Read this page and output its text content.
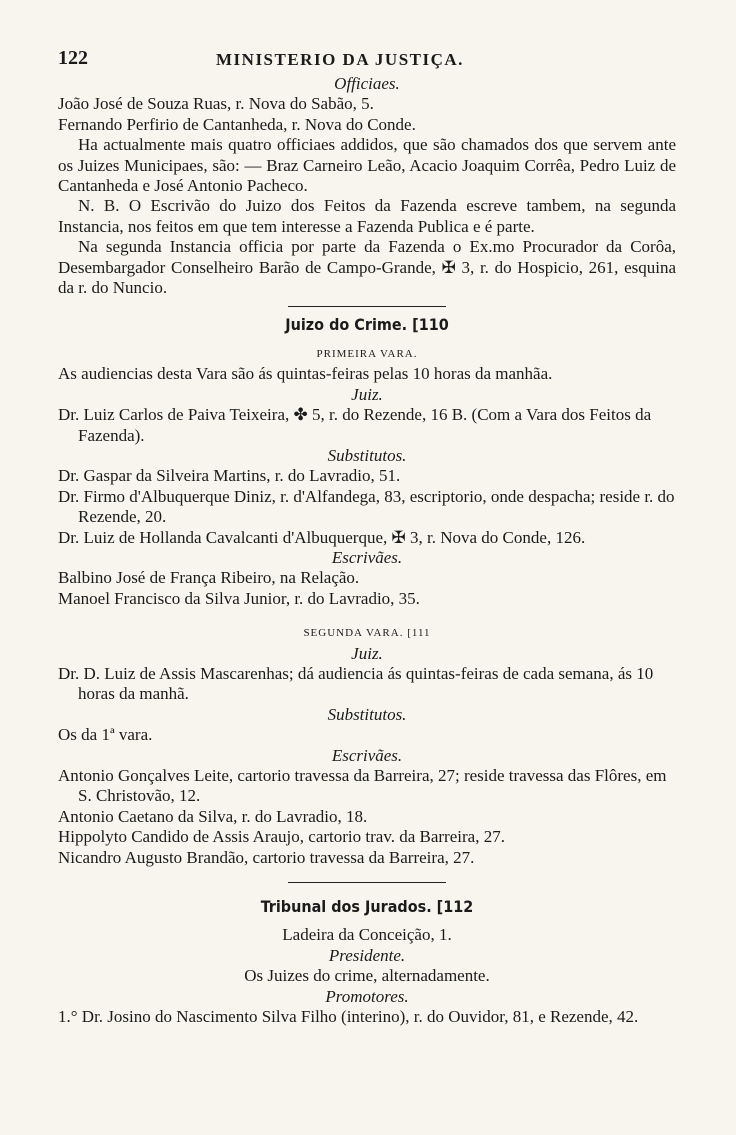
122	MINISTERIO DA JUSTIÇA.
Officiaes.
João José de Souza Ruas, r. Nova do Sabão, 5.
Fernando Perfirio de Cantanheda, r. Nova do Conde.
Ha actualmente mais quatro officiaes addidos, que são chamados dos que servem ante os Juizes Municipaes, são: — Braz Carneiro Leão, Acacio Joaquim Corrêa, Pedro Luiz de Cantanheda e José Antonio Pacheco.
N. B. O Escrivão do Juizo dos Feitos da Fazenda escreve tambem, na segunda Instancia, nos feitos em que tem interesse a Fazenda Publica e é parte.
Na segunda Instancia officia por parte da Fazenda o Ex.mo Procurador da Corôa, Desembargador Conselheiro Barão de Campo-Grande, ✠ 3, r. do Hospicio, 261, esquina da r. do Nuncio.
Juizo do Crime. [110
PRIMEIRA VARA.
As audiencias desta Vara são ás quintas-feiras pelas 10 horas da manhãa.
Juiz.
Dr. Luiz Carlos de Paiva Teixeira, ✤ 5, r. do Rezende, 16 B. (Com a Vara dos Feitos da Fazenda).
Substitutos.
Dr. Gaspar da Silveira Martins, r. do Lavradio, 51.
Dr. Firmo d'Albuquerque Diniz, r. d'Alfandega, 83, escriptorio, onde despacha; reside r. do Rezende, 20.
Dr. Luiz de Hollanda Cavalcanti d'Albuquerque, ✠ 3, r. Nova do Conde, 126.
Escrivães.
Balbino José de França Ribeiro, na Relação.
Manoel Francisco da Silva Junior, r. do Lavradio, 35.
SEGUNDA VARA. [111
Juiz.
Dr. D. Luiz de Assis Mascarenhas; dá audiencia ás quintas-feiras de cada semana, ás 10 horas da manhã.
Substitutos.
Os da 1ª vara.
Escrivães.
Antonio Gonçalves Leite, cartorio travessa da Barreira, 27; reside travessa das Flôres, em S. Christovão, 12.
Antonio Caetano da Silva, r. do Lavradio, 18.
Hippolyto Candido de Assis Araujo, cartorio trav. da Barreira, 27.
Nicandro Augusto Brandão, cartorio travessa da Barreira, 27.
Tribunal dos Jurados. [112
Ladeira da Conceição, 1.
Presidente.
Os Juizes do crime, alternadamente.
Promotores.
1.° Dr. Josino do Nascimento Silva Filho (interino), r. do Ouvidor, 81, e Rezende, 42.
